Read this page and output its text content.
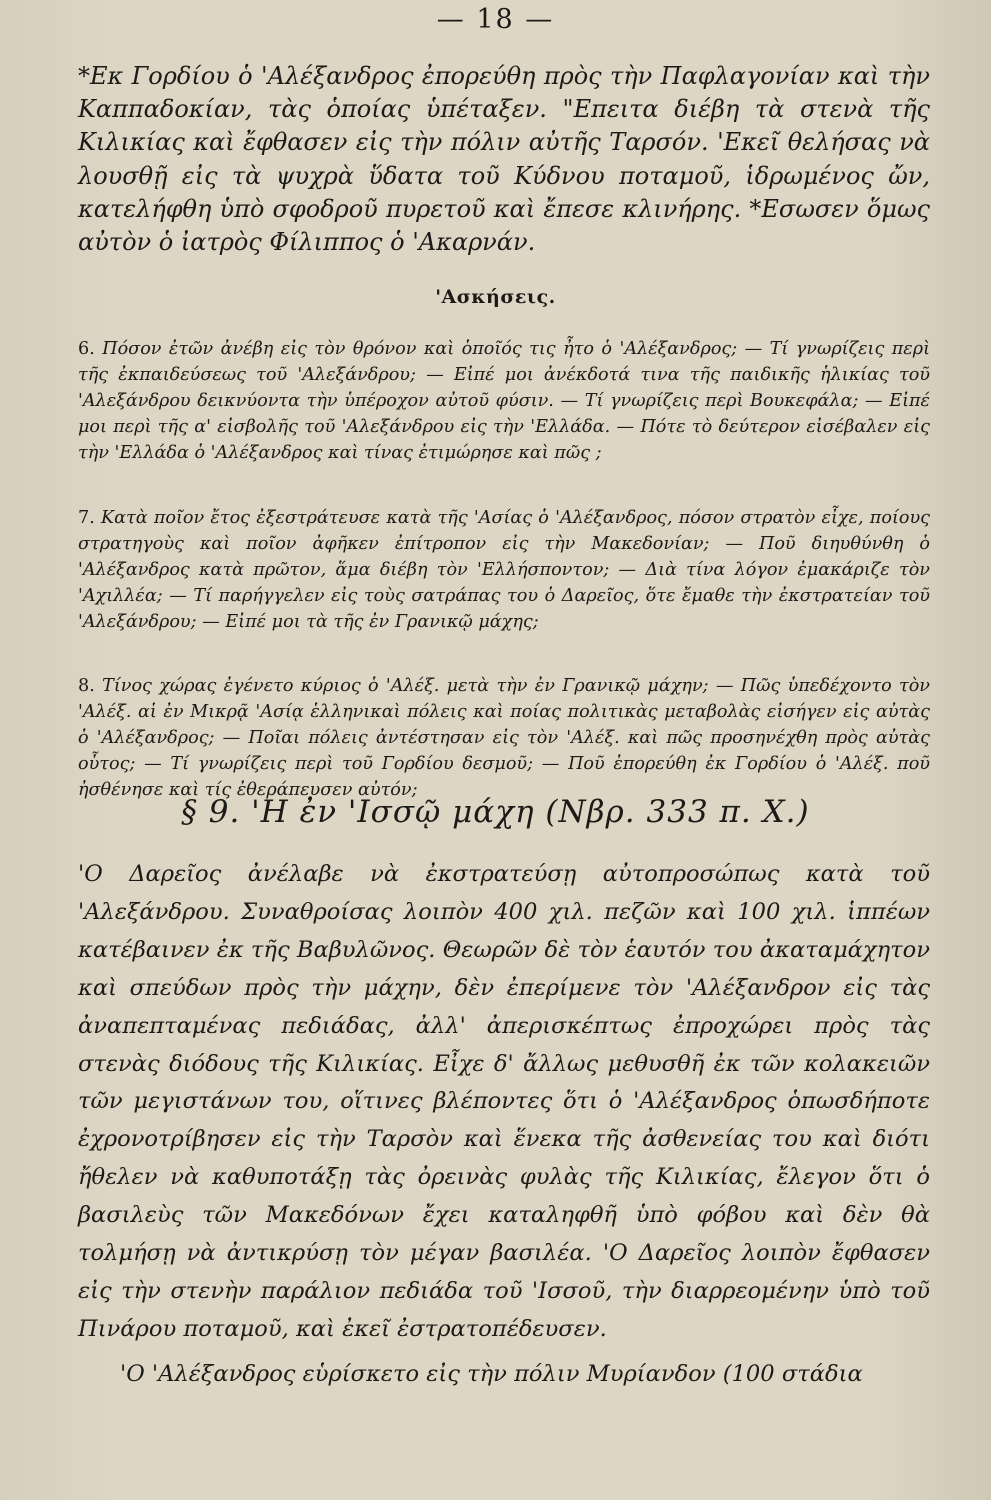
— 18 —

*Εκ Γορδίου ὁ 'Αλέξανδρος ἐπορεύθη πρὸς τὴν Παφλαγονίαν καὶ τὴν Καππαδοκίαν, τὰς ὁποίας ὑπέταξεν. "Επειτα διέβη τὰ στενὰ τῆς Κιλικίας καὶ ἔφθασεν εἰς τὴν πόλιν αὐτῆς Ταρσόν. 'Εκεῖ θελήσας νὰ λουσθῇ εἰς τὰ ψυχρὰ ὕδατα τοῦ Κύδνου ποταμοῦ, ἱδρωμένος ὤν, κατελήφθη ὑπὸ σφοδροῦ πυρετοῦ καὶ ἔπεσε κλινήρης. *Εσωσεν ὅμως αὐτὸν ὁ ἰατρὸς Φίλιππος ὁ 'Ακαρνάν.

'Ασκήσεις.

6. Πόσον ἐτῶν ἀνέβη εἰς τὸν θρόνον καὶ ὁποῖός τις ἦτο ὁ 'Αλέξανδρος; — Τί γνωρίζεις περὶ τῆς ἐκπαιδεύσεως τοῦ 'Αλεξάνδρου; — Εἰπέ μοι ἀνέκδοτά τινα τῆς παιδικῆς ἡλικίας τοῦ 'Αλεξάνδρου δεικνύοντα τὴν ὑπέροχον αὐτοῦ φύσιν. — Τί γνωρίζεις περὶ Βουκεφάλα; — Εἰπέ μοι περὶ τῆς α' εἰσβολῆς τοῦ 'Αλεξάνδρου εἰς τὴν 'Ελλάδα. — Πότε τὸ δεύτερον εἰσέβαλεν εἰς τὴν 'Ελλάδα ὁ 'Αλέξανδρος καὶ τίνας ἐτιμώρησε καὶ πῶς ;

7. Κατὰ ποῖον ἔτος ἐξεστράτευσε κατὰ τῆς 'Ασίας ὁ 'Αλέξανδρος, πόσον στρατὸν εἶχε, ποίους στρατηγοὺς καὶ ποῖον ἀφῆκεν ἐπίτροπον εἰς τὴν Μακεδονίαν; — Ποῦ διηυθύνθη ὁ 'Αλέξανδρος κατὰ πρῶτον, ἅμα διέβη τὸν 'Ελλήσποντον; — Διὰ τίνα λόγον ἐμακάριζε τὸν 'Αχιλλέα; — Τί παρήγγελεν εἰς τοὺς σατράπας του ὁ Δαρεῖος, ὅτε ἔμαθε τὴν ἐκστρατείαν τοῦ 'Αλεξάνδρου; — Εἰπέ μοι τὰ τῆς ἐν Γρανικῷ μάχης;

8. Τίνος χώρας ἐγένετο κύριος ὁ 'Αλέξ. μετὰ τὴν ἐν Γρανικῷ μάχην; — Πῶς ὑπεδέχοντο τὸν 'Αλέξ. αἱ ἐν Μικρᾷ 'Ασίᾳ ἑλληνικαὶ πόλεις καὶ ποίας πολιτικὰς μεταβολὰς εἰσήγεν εἰς αὐτὰς ὁ 'Αλέξανδρος; — Ποῖαι πόλεις ἀντέστησαν εἰς τὸν 'Αλέξ. καὶ πῶς προσηνέχθη πρὸς αὐτὰς οὗτος; — Τί γνωρίζεις περὶ τοῦ Γορδίου δεσμοῦ; — Ποῦ ἐπορεύθη ἐκ Γορδίου ὁ 'Αλέξ. ποῦ ἠσθένησε καὶ τίς ἐθεράπευσεν αὐτόν;

§ 9. 'Η ἐν 'Ισσῷ μάχη (Νβρ. 333 π. Χ.)

'Ο Δαρεῖος ἀνέλαβε νὰ ἐκστρατεύσῃ αὐτοπροσώπως κατὰ τοῦ 'Αλεξάνδρου. Συναθροίσας λοιπὸν 400 χιλ. πεζῶν καὶ 100 χιλ. ἱππέων κατέβαινεν ἐκ τῆς Βαβυλῶνος. Θεωρῶν δὲ τὸν ἑαυτόν του ἀκαταμάχητον καὶ σπεύδων πρὸς τὴν μάχην, δὲν ἐπερίμενε τὸν 'Αλέξανδρον εἰς τὰς ἀναπεπταμένας πεδιάδας, ἀλλ' ἀπερισκέπτως ἐπροχώρει πρὸς τὰς στενὰς διόδους τῆς Κιλικίας. Εἶχε δ' ἄλλως μεθυσθῆ ἐκ τῶν κολακειῶν τῶν μεγιστάνων του, οἵτινες βλέποντες ὅτι ὁ 'Αλέξανδρος ὁπωσδήποτε ἐχρονοτρίβησεν εἰς τὴν Ταρσὸν καὶ ἕνεκα τῆς ἀσθενείας του καὶ διότι ἤθελεν νὰ καθυποτάξῃ τὰς ὀρεινὰς φυλὰς τῆς Κιλικίας, ἔλεγον ὅτι ὁ βασιλεὺς τῶν Μακεδόνων ἔχει καταληφθῆ ὑπὸ φόβου καὶ δὲν θὰ τολμήσῃ νὰ ἀντικρύσῃ τὸν μέγαν βασιλέα. 'Ο Δαρεῖος λοιπὸν ἔφθασεν εἰς τὴν στενὴν παράλιον πεδιάδα τοῦ 'Ισσοῦ, τὴν διαρρεομένην ὑπὸ τοῦ Πινάρου ποταμοῦ, καὶ ἐκεῖ ἐστρατοπέδευσεν.

'Ο 'Αλέξανδρος εὑρίσκετο εἰς τὴν πόλιν Μυρίανδον (100 στάδια
